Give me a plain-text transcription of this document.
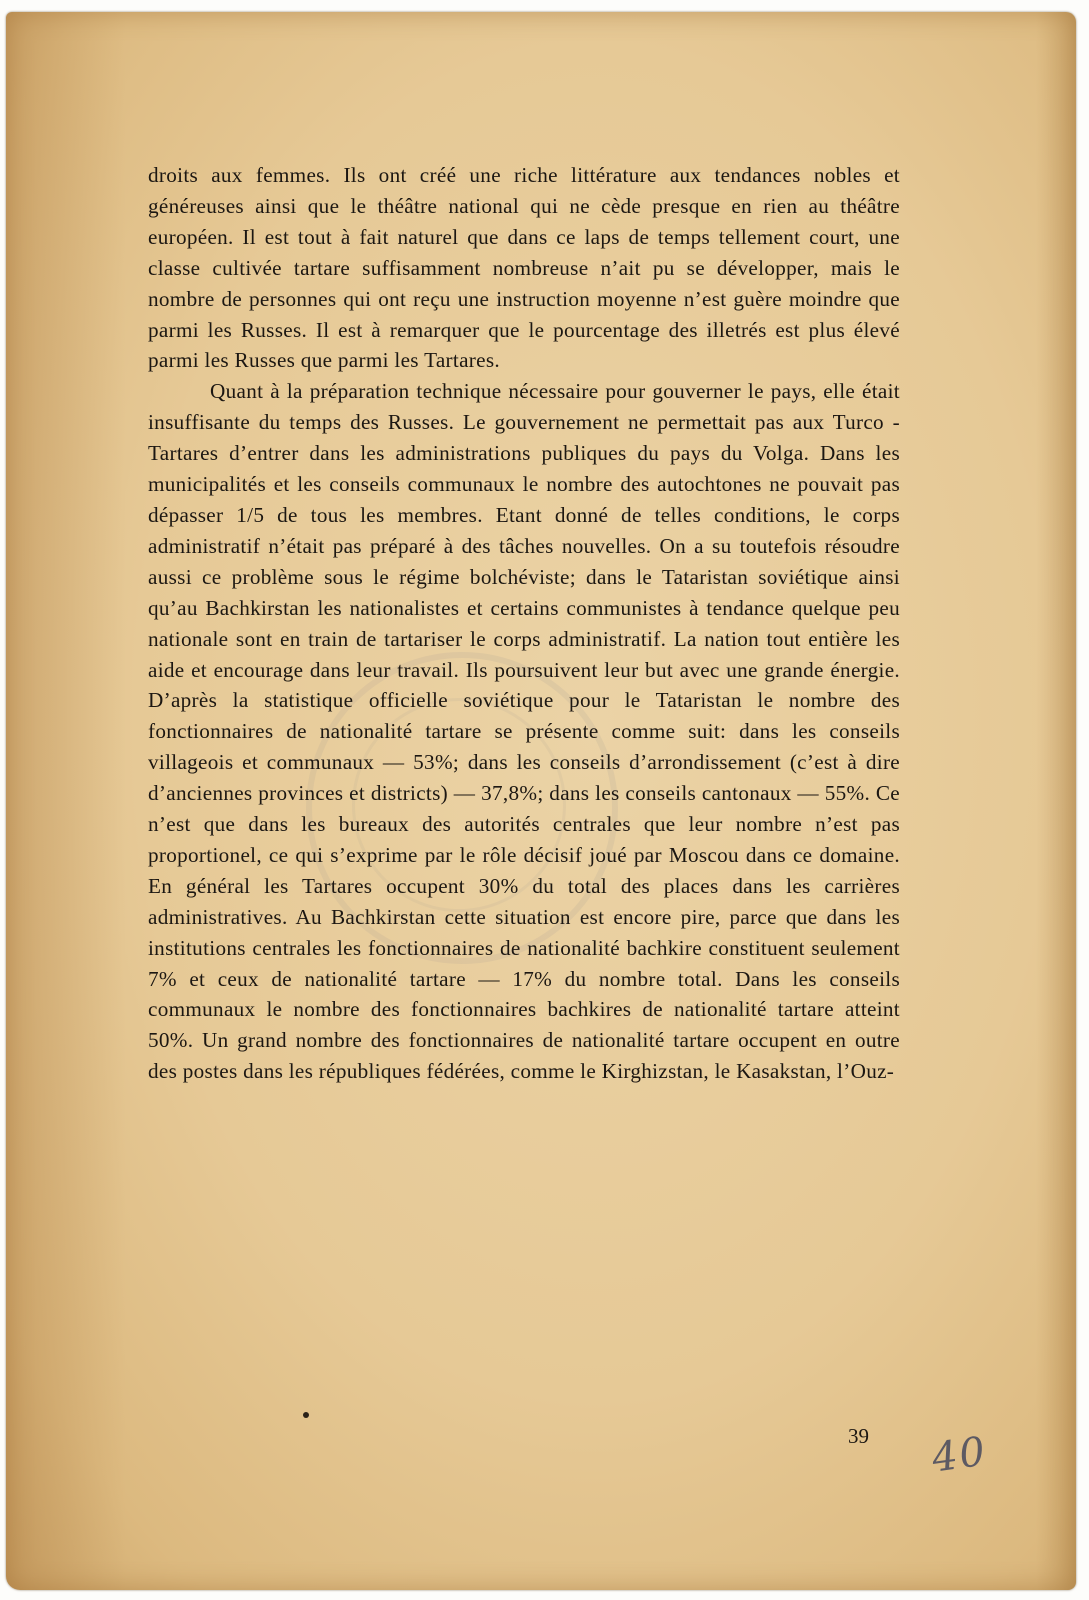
droits aux femmes. Ils ont créé une riche littérature aux tendances nobles et généreuses ainsi que le théâtre national qui ne cède presque en rien au théâtre européen. Il est tout à fait naturel que dans ce laps de temps tellement court, une classe cultivée tartare suffisamment nombreuse n’ait pu se développer, mais le nombre de personnes qui ont reçu une instruction moyenne n’est guère moindre que parmi les Russes. Il est à remarquer que le pourcentage des illetrés est plus élevé parmi les Russes que parmi les Tartares.

Quant à la préparation technique nécessaire pour gouverner le pays, elle était insuffisante du temps des Russes. Le gouvernement ne permettait pas aux Turco - Tartares d’entrer dans les administrations publiques du pays du Volga. Dans les municipalités et les conseils communaux le nombre des autochtones ne pouvait pas dépasser 1/5 de tous les membres. Etant donné de telles conditions, le corps administratif n’était pas préparé à des tâches nouvelles. On a su toutefois résoudre aussi ce problème sous le régime bolchéviste; dans le Tataristan soviétique ainsi qu’au Bachkirstan les nationalistes et certains communistes à tendance quelque peu nationale sont en train de tartariser le corps administratif. La nation tout entière les aide et encourage dans leur travail. Ils poursuivent leur but avec une grande énergie. D’après la statistique officielle soviétique pour le Tataristan le nombre des fonctionnaires de nationalité tartare se présente comme suit: dans les conseils villageois et communaux — 53%; dans les conseils d’arrondissement (c’est à dire d’anciennes provinces et districts) — 37,8%; dans les conseils cantonaux — 55%. Ce n’est que dans les bureaux des autorités centrales que leur nombre n’est pas proportionel, ce qui s’exprime par le rôle décisif joué par Moscou dans ce domaine. En général les Tartares occupent 30% du total des places dans les carrières administratives. Au Bachkirstan cette situation est encore pire, parce que dans les institutions centrales les fonctionnaires de nationalité bachkire constituent seulement 7% et ceux de nationalité tartare — 17% du nombre total. Dans les conseils communaux le nombre des fonctionnaires bachkires de nationalité tartare atteint 50%. Un grand nombre des fonctionnaires de nationalité tartare occupent en outre des postes dans les républiques fédérées, comme le Kirghizstan, le Kasakstan, l’Ouz-

39 40
